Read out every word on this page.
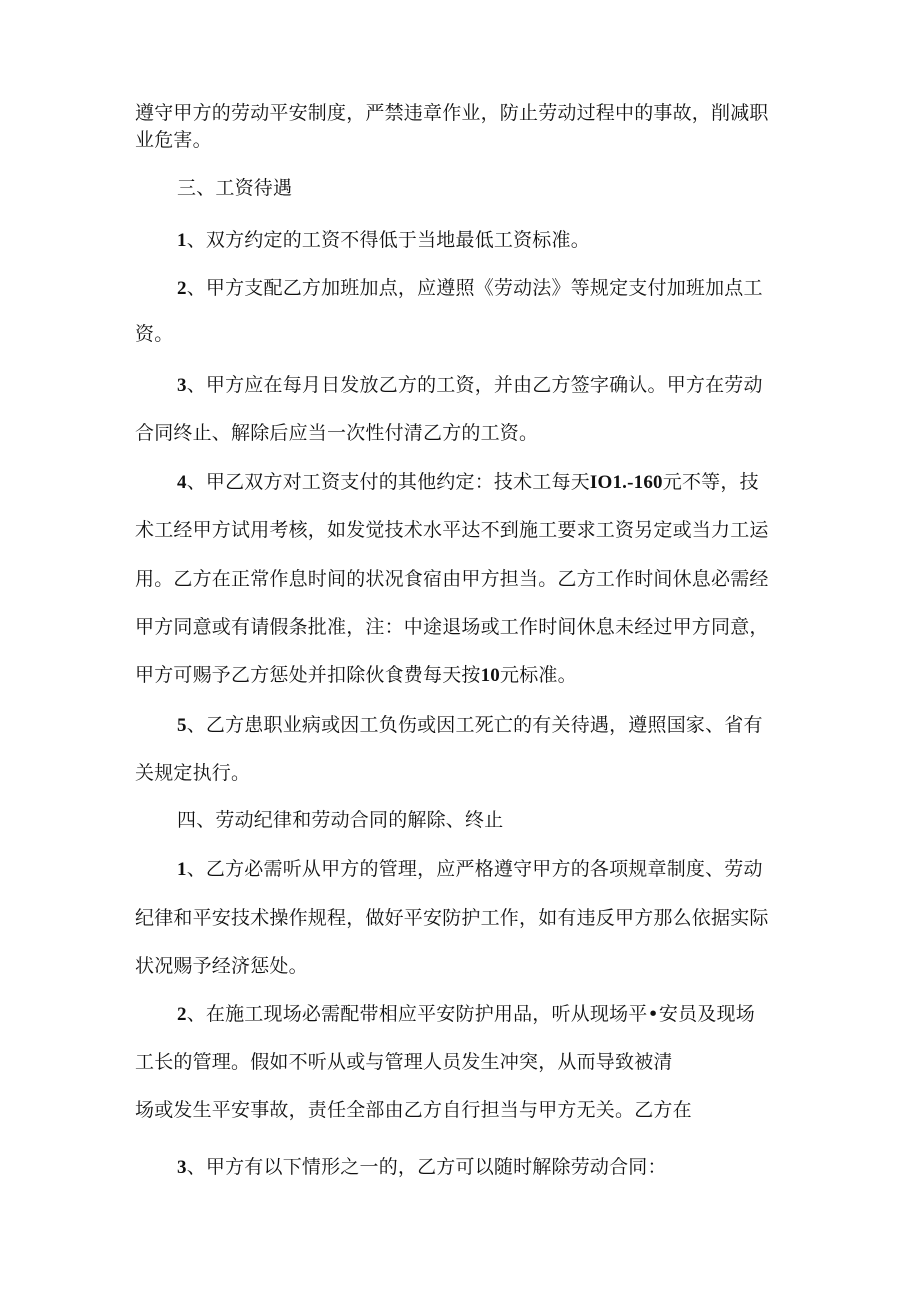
遵守甲方的劳动平安制度，严禁违章作业，防止劳动过程中的事故，削减职
业危害。
三、工资待遇
1、双方约定的工资不得低于当地最低工资标准。
2、甲方支配乙方加班加点，应遵照《劳动法》等规定支付加班加点工
资。
3、甲方应在每月日发放乙方的工资，并由乙方签字确认。甲方在劳动
合同终止、解除后应当一次性付清乙方的工资。
4、甲乙双方对工资支付的其他约定：技术工每天IO1.-160元不等，技
术工经甲方试用考核，如发觉技术水平达不到施工要求工资另定或当力工运
用。乙方在正常作息时间的状况食宿由甲方担当。乙方工作时间休息必需经
甲方同意或有请假条批准，注：中途退场或工作时间休息未经过甲方同意，
甲方可赐予乙方惩处并扣除伙食费每天按10元标准。
5、乙方患职业病或因工负伤或因工死亡的有关待遇，遵照国家、省有
关规定执行。
四、劳动纪律和劳动合同的解除、终止
1、乙方必需听从甲方的管理，应严格遵守甲方的各项规章制度、劳动
纪律和平安技术操作规程，做好平安防护工作，如有违反甲方那么依据实际
状况赐予经济惩处。
2、在施工现场必需配带相应平安防护用品，听从现场平•安员及现场
工长的管理。假如不听从或与管理人员发生冲突，从而导致被清
场或发生平安事故，责任全部由乙方自行担当与甲方无关。乙方在
3、甲方有以下情形之一的，乙方可以随时解除劳动合同：
